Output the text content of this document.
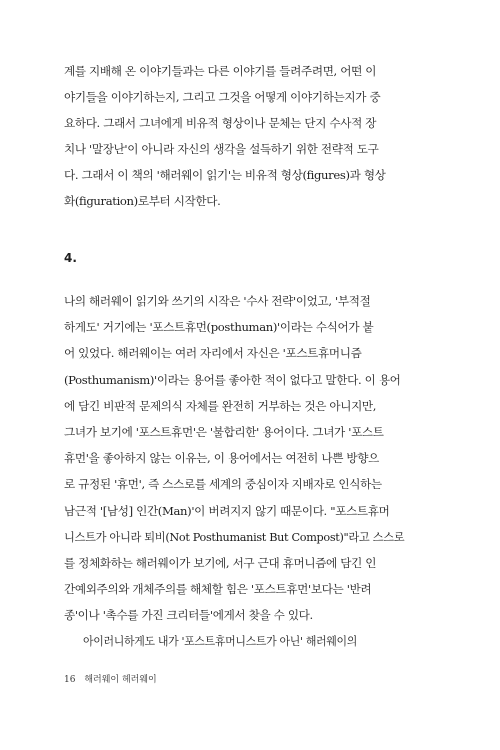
계를 지배해 온 이야기들과는 다른 이야기를 들려주려면, 어떤 이
야기들을 이야기하는지, 그리고 그것을 어떻게 이야기하는지가 중
요하다. 그래서 그녀에게 비유적 형상이나 문체는 단지 수사적 장
치나 '말장난'이 아니라 자신의 생각을 설득하기 위한 전략적 도구
다. 그래서 이 책의 '해러웨이 읽기'는 비유적 형상(figures)과 형상
화(figuration)로부터 시작한다.
나의 해러웨이 읽기와 쓰기의 시작은 '수사 전략'이었고, '부적절
하게도' 거기에는 '포스트휴먼(posthuman)'이라는 수식어가 붙
어 있었다. 해러웨이는 여러 자리에서 자신은 '포스트휴머니즘
(Posthumanism)'이라는 용어를 좋아한 적이 없다고 말한다. 이 용어
에 담긴 비판적 문제의식 자체를 완전히 거부하는 것은 아니지만,
그녀가 보기에 '포스트휴먼'은 '불합리한' 용어이다. 그녀가 '포스트
휴먼'을 좋아하지 않는 이유는, 이 용어에서는 여전히 나쁜 방향으
로 규정된 '휴먼', 즉 스스로를 세계의 중심이자 지배자로 인식하는
남근적 '[남성] 인간(Man)'이 버려지지 않기 때문이다. "포스트휴머
니스트가 아니라 퇴비(Not Posthumanist But Compost)"라고 스스로
를 정체화하는 해러웨이가 보기에, 서구 근대 휴머니즘에 담긴 인
간예외주의와 개체주의를 해체할 힘은 '포스트휴먼'보다는 '반려
종'이나 '촉수를 가진 크리터들'에게서 찾을 수 있다.
아이러니하게도 내가 '포스트휴머니스트가 아닌' 해러웨이의
4.
16 해러웨이 헤러웨이
